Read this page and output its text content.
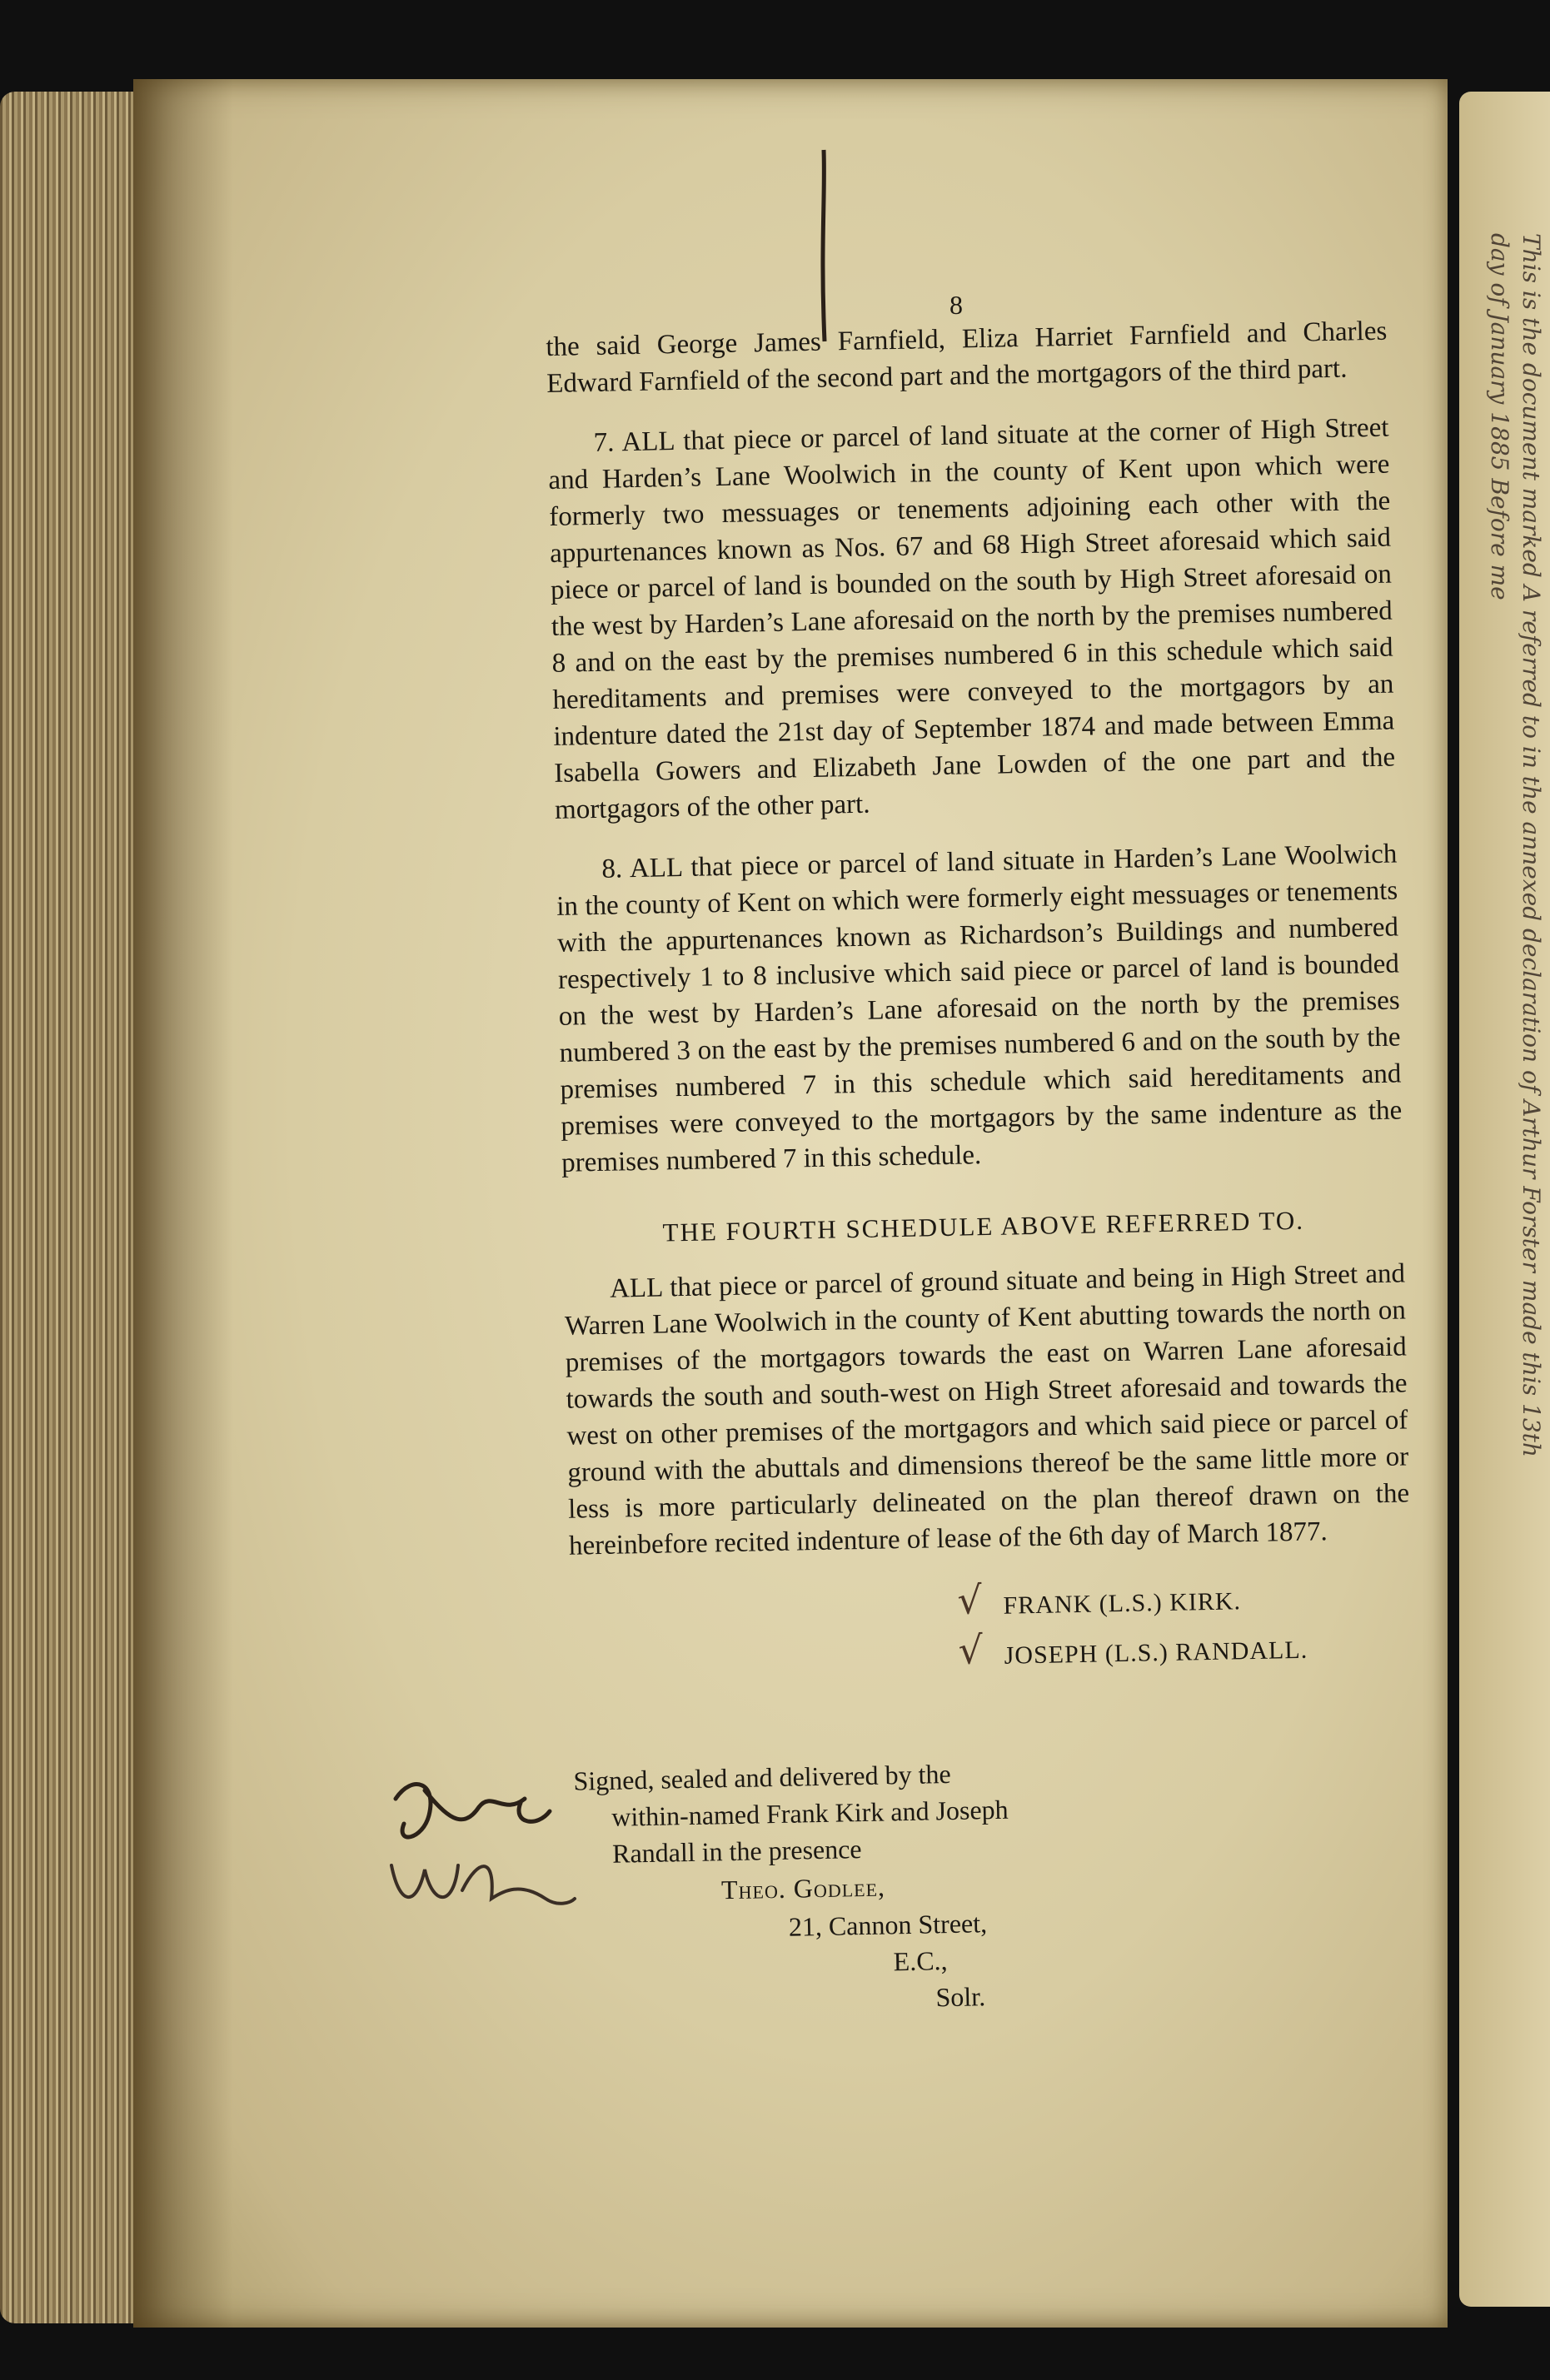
This is the document marked A referred to in the annexed declaration of Arthur Forster made this 13th day of January 1885 Before me
8

the said George James Farnfield, Eliza Harriet Farnfield and Charles Edward Farnfield of the second part and the mortgagors of the third part.

7. ALL that piece or parcel of land situate at the corner of High Street and Harden’s Lane Woolwich in the county of Kent upon which were formerly two messuages or tenements adjoining each other with the appurtenances known as Nos. 67 and 68 High Street aforesaid which said piece or parcel of land is bounded on the south by High Street aforesaid on the west by Harden’s Lane aforesaid on the north by the premises numbered 8 and on the east by the premises numbered 6 in this schedule which said hereditaments and premises were conveyed to the mortgagors by an indenture dated the 21st day of September 1874 and made between Emma Isabella Gowers and Elizabeth Jane Lowden of the one part and the mortgagors of the other part.

8. ALL that piece or parcel of land situate in Harden’s Lane Woolwich in the county of Kent on which were formerly eight messuages or tenements with the appurtenances known as Richardson’s Buildings and numbered respectively 1 to 8 inclusive which said piece or parcel of land is bounded on the west by Harden’s Lane aforesaid on the north by the premises numbered 3 on the east by the premises numbered 6 and on the south by the premises numbered 7 in this schedule which said hereditaments and premises were conveyed to the mortgagors by the same indenture as the premises numbered 7 in this schedule.

THE FOURTH SCHEDULE ABOVE REFERRED TO.

ALL that piece or parcel of ground situate and being in High Street and Warren Lane Woolwich in the county of Kent abutting towards the north on premises of the mortgagors towards the east on Warren Lane aforesaid towards the south and south-west on High Street aforesaid and towards the west on other premises of the mortgagors and which said piece or parcel of ground with the abuttals and dimensions thereof be the same little more or less is more particularly delineated on the plan thereof drawn on the hereinbefore recited indenture of lease of the 6th day of March 1877.

√ FRANK (L.S.) KIRK.
√ JOSEPH (L.S.) RANDALL.
Signed, sealed and delivered by the
within-named Frank Kirk and Joseph
Randall in the presence
Theo. Godlee,
21, Cannon Street,
E.C.,
Solr.
